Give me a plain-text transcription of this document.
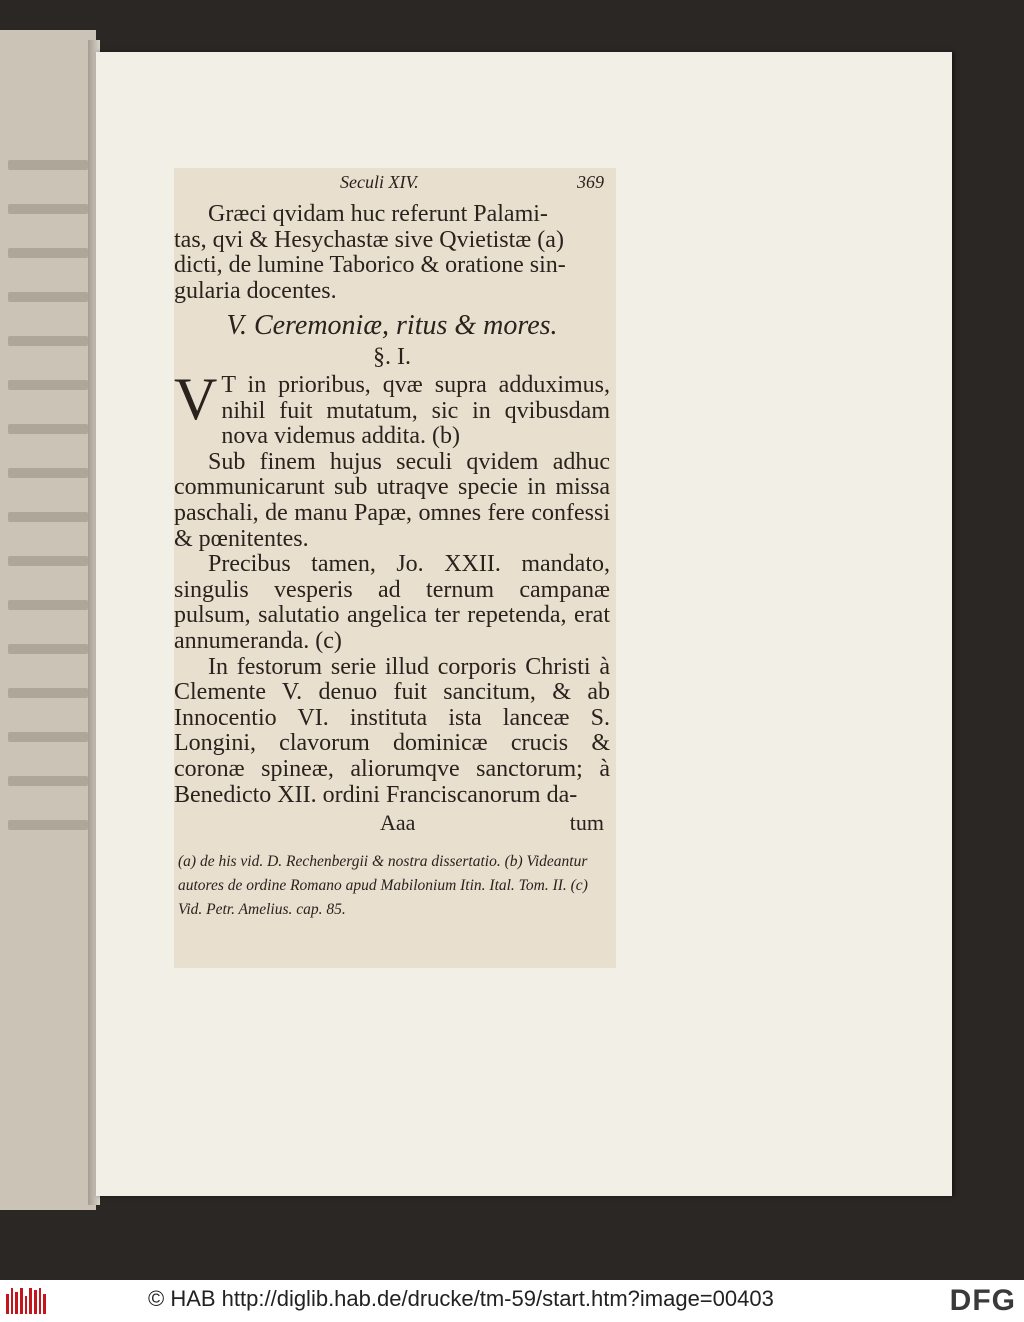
Seculi XIV.	369
Græci qvidam huc referunt Palami-
tas, qvi & Hesychastæ sive Qvietistæ (a)
dicti, de lumine Taborico & oratione sin-
gularia docentes.
V. Ceremoniæ, ritus & mores.
§. I.
V T in prioribus, qvæ supra adduximus, nihil fuit mutatum, sic in qvibusdam nova videmus addita. (b)

Sub finem hujus seculi qvidem adhuc communicarunt sub utraqve specie in missa paschali, de manu Papæ, omnes fere confessi & pœnitentes.

Precibus tamen, Jo. XXII. mandato, singulis vesperis ad ternum campanæ pulsum, salutatio angelica ter repetenda, erat annumeranda. (c)

In festorum serie illud corporis Christi à Clemente V. denuo fuit sancitum, & ab Innocentio VI. instituta ista lanceæ S. Longini, clavorum dominicæ crucis & coronæ spineæ, aliorumqve sanctorum; à Benedicto XII. ordini Franciscanorum da-

Aaa	tum
(a) de his vid. D. Rechenbergii & nostra dissertatio. (b) Videantur autores de ordine Romano apud Mabilonium Itin. Ital. Tom. II. (c) Vid. Petr. Amelius. cap. 85.
© HAB http://diglib.hab.de/drucke/tm-59/start.htm?image=00403	DFG
